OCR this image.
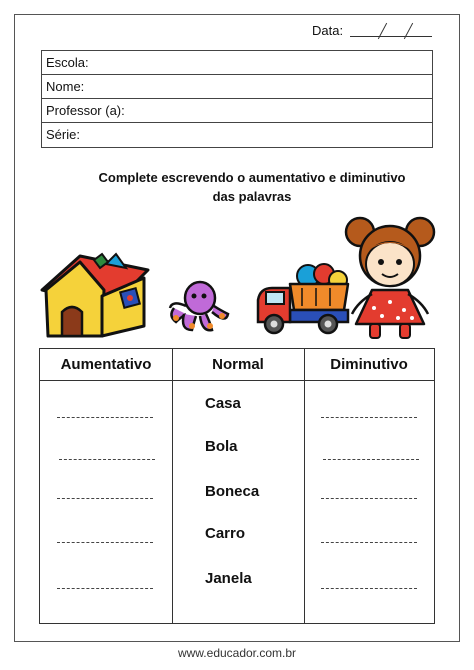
Data:
Escola:
Nome:
Professor (a):
Série:
Complete escrevendo o aumentativo e diminutivo
das palavras
Aumentativo	Normal	Diminutivo
Casa
Bola
Boneca
Carro
Janela
www.educador.com.br
